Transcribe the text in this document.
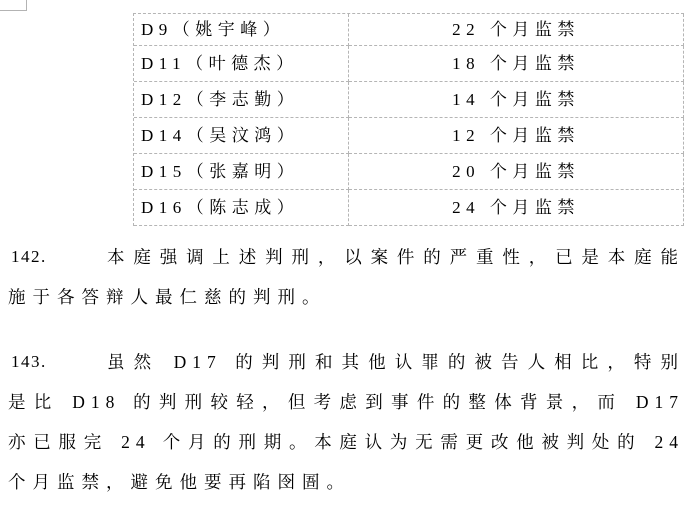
D9（姚宇峰）	22 个月监禁
D11（叶德杰）	18 个月监禁
D12（李志勤）	14 个月监禁
D14（吴汶鸿）	12 个月监禁
D15（张嘉明）	20 个月监禁
D16（陈志成）	24 个月监禁
142.	本庭强调上述判刑，以案件的严重性，已是本庭能
施于各答辩人最仁慈的判刑。
143.	虽然 D17 的判刑和其他认罪的被告人相比，特别
是比 D18 的判刑较轻，但考虑到事件的整体背景，而 D17
亦已服完 24 个月的刑期。本庭认为无需更改他被判处的 24
个月监禁，避免他要再陷囹圄。
